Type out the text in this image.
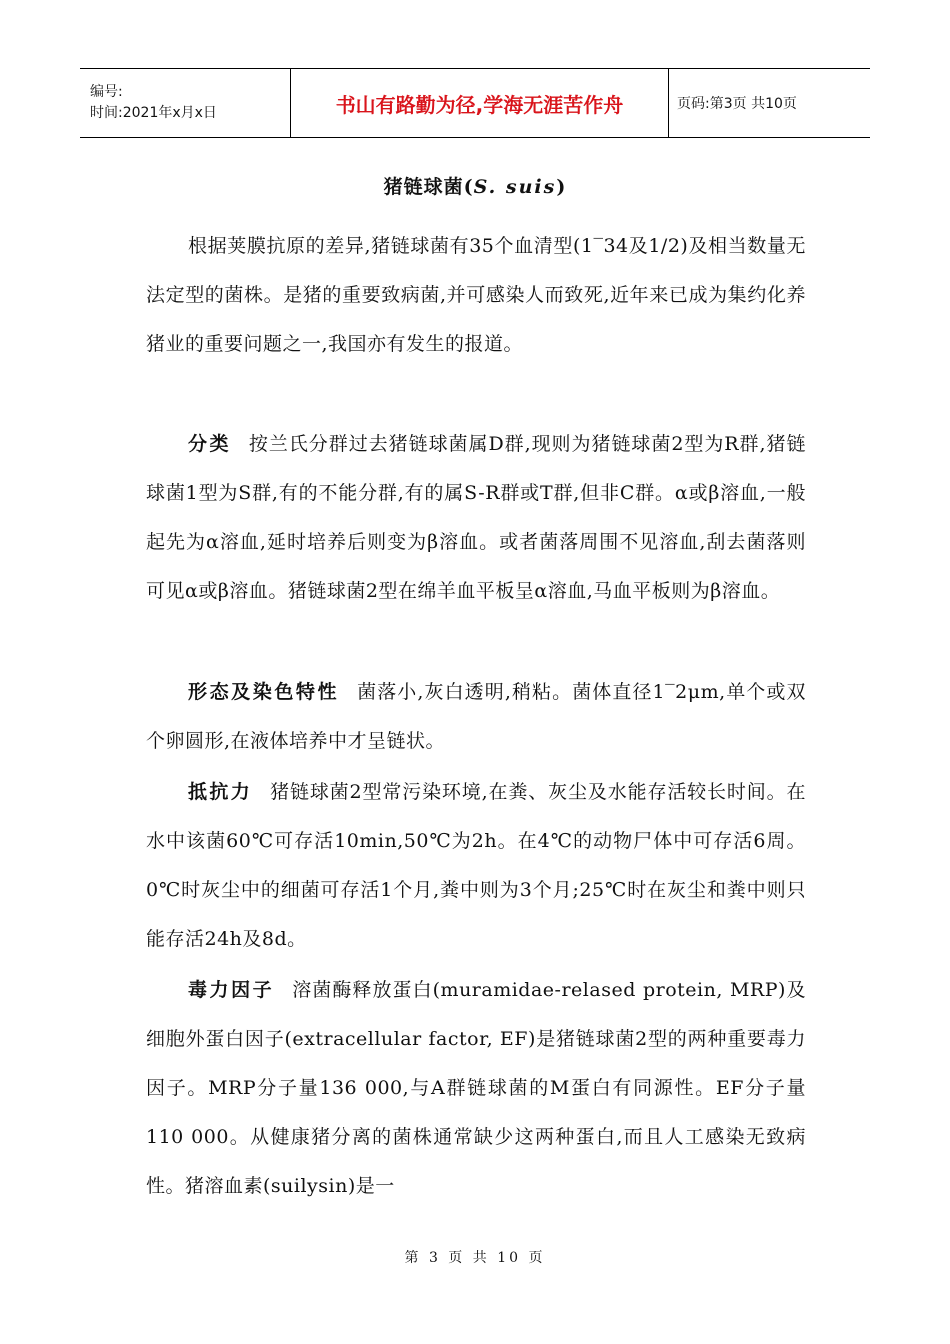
编号:
时间:2021年x月x日	书山有路勤为径,学海无涯苦作舟	页码:第3页 共10页
猪链球菌(S. suis)

根据荚膜抗原的差异,猪链球菌有35个血清型(1‾34及1/2)及相当数量无法定型的菌株。是猪的重要致病菌,并可感染人而致死,近年来已成为集约化养猪业的重要问题之一,我国亦有发生的报道。

分类 按兰氏分群过去猪链球菌属D群,现则为猪链球菌2型为R群,猪链球菌1型为S群,有的不能分群,有的属S-R群或T群,但非C群。α或β溶血,一般起先为α溶血,延时培养后则变为β溶血。或者菌落周围不见溶血,刮去菌落则可见α或β溶血。猪链球菌2型在绵羊血平板呈α溶血,马血平板则为β溶血。

形态及染色特性 菌落小,灰白透明,稍粘。菌体直径1‾2μm,单个或双个卵圆形,在液体培养中才呈链状。

抵抗力 猪链球菌2型常污染环境,在粪、灰尘及水能存活较长时间。在水中该菌60℃可存活10min,50℃为2h。在4℃的动物尸体中可存活6周。0℃时灰尘中的细菌可存活1个月,粪中则为3个月;25℃时在灰尘和粪中则只能存活24h及8d。

毒力因子 溶菌酶释放蛋白(muramidae-relased protein, MRP)及细胞外蛋白因子(extracellular factor, EF)是猪链球菌2型的两种重要毒力因子。MRP分子量136 000,与A群链球菌的M蛋白有同源性。EF分子量110 000。从健康猪分离的菌株通常缺少这两种蛋白,而且人工感染无致病性。猪溶血素(suilysin)是一

第 3 页 共 10 页
